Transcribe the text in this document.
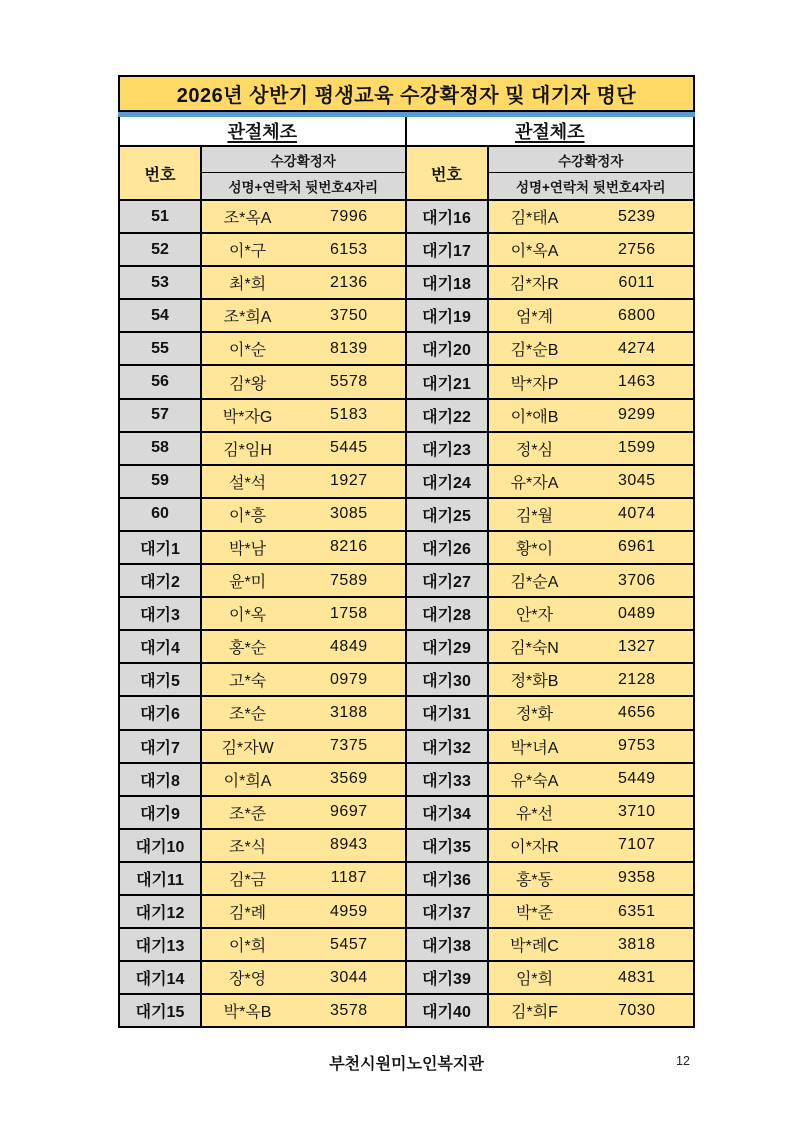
2026년 상반기 평생교육 수강확정자 및 대기자 명단
관절체조
번호
수강확정자
성명+연락처 뒷번호4자리
51	조*옥A	7996
52	이*구	6153
53	최*희	2136
54	조*희A	3750
55	이*순	8139
56	김*왕	5578
57	박*자G	5183
58	김*임H	5445
59	설*석	1927
60	이*흥	3085
대기1	박*남	8216
대기2	윤*미	7589
대기3	이*옥	1758
대기4	홍*순	4849
대기5	고*숙	0979
대기6	조*순	3188
대기7	김*자W	7375
대기8	이*희A	3569
대기9	조*준	9697
대기10	조*식	8943
대기11	김*금	1187
대기12	김*례	4959
대기13	이*희	5457
대기14	장*영	3044
대기15	박*옥B	3578
관절체조
번호
수강확정자
성명+연락처 뒷번호4자리
대기16	김*태A	5239
대기17	이*옥A	2756
대기18	김*자R	6011
대기19	엄*계	6800
대기20	김*순B	4274
대기21	박*자P	1463
대기22	이*애B	9299
대기23	정*심	1599
대기24	유*자A	3045
대기25	김*월	4074
대기26	황*이	6961
대기27	김*순A	3706
대기28	안*자	0489
대기29	김*숙N	1327
대기30	정*화B	2128
대기31	정*화	4656
대기32	박*녀A	9753
대기33	유*숙A	5449
대기34	유*선	3710
대기35	이*자R	7107
대기36	홍*동	9358
대기37	박*준	6351
대기38	박*례C	3818
대기39	임*희	4831
대기40	김*희F	7030
부천시원미노인복지관	12
